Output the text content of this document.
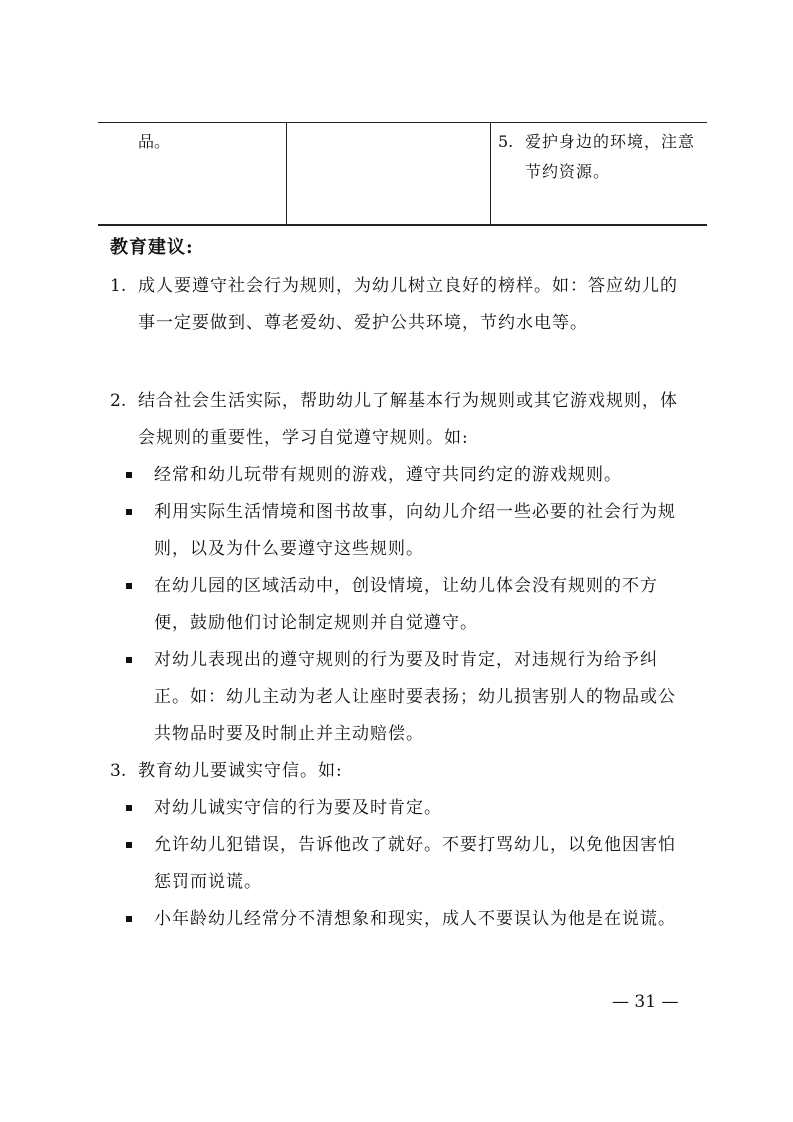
品。	5. 爱护身边的环境，注意节约资源。
教育建议:
1. 成人要遵守社会行为规则，为幼儿树立良好的榜样。如：答应幼儿的事一定要做到、尊老爱幼、爱护公共环境，节约水电等。
2. 结合社会生活实际，帮助幼儿了解基本行为规则或其它游戏规则，体会规则的重要性，学习自觉遵守规则。如:
经常和幼儿玩带有规则的游戏，遵守共同约定的游戏规则。
利用实际生活情境和图书故事，向幼儿介绍一些必要的社会行为规则，以及为什么要遵守这些规则。
在幼儿园的区域活动中，创设情境，让幼儿体会没有规则的不方便，鼓励他们讨论制定规则并自觉遵守。
对幼儿表现出的遵守规则的行为要及时肯定，对违规行为给予纠正。如：幼儿主动为老人让座时要表扬；幼儿损害别人的物品或公共物品时要及时制止并主动赔偿。
3. 教育幼儿要诚实守信。如:
对幼儿诚实守信的行为要及时肯定。
允许幼儿犯错误，告诉他改了就好。不要打骂幼儿，以免他因害怕惩罚而说谎。
小年龄幼儿经常分不清想象和现实，成人不要误认为他是在说谎。
— 31 —
